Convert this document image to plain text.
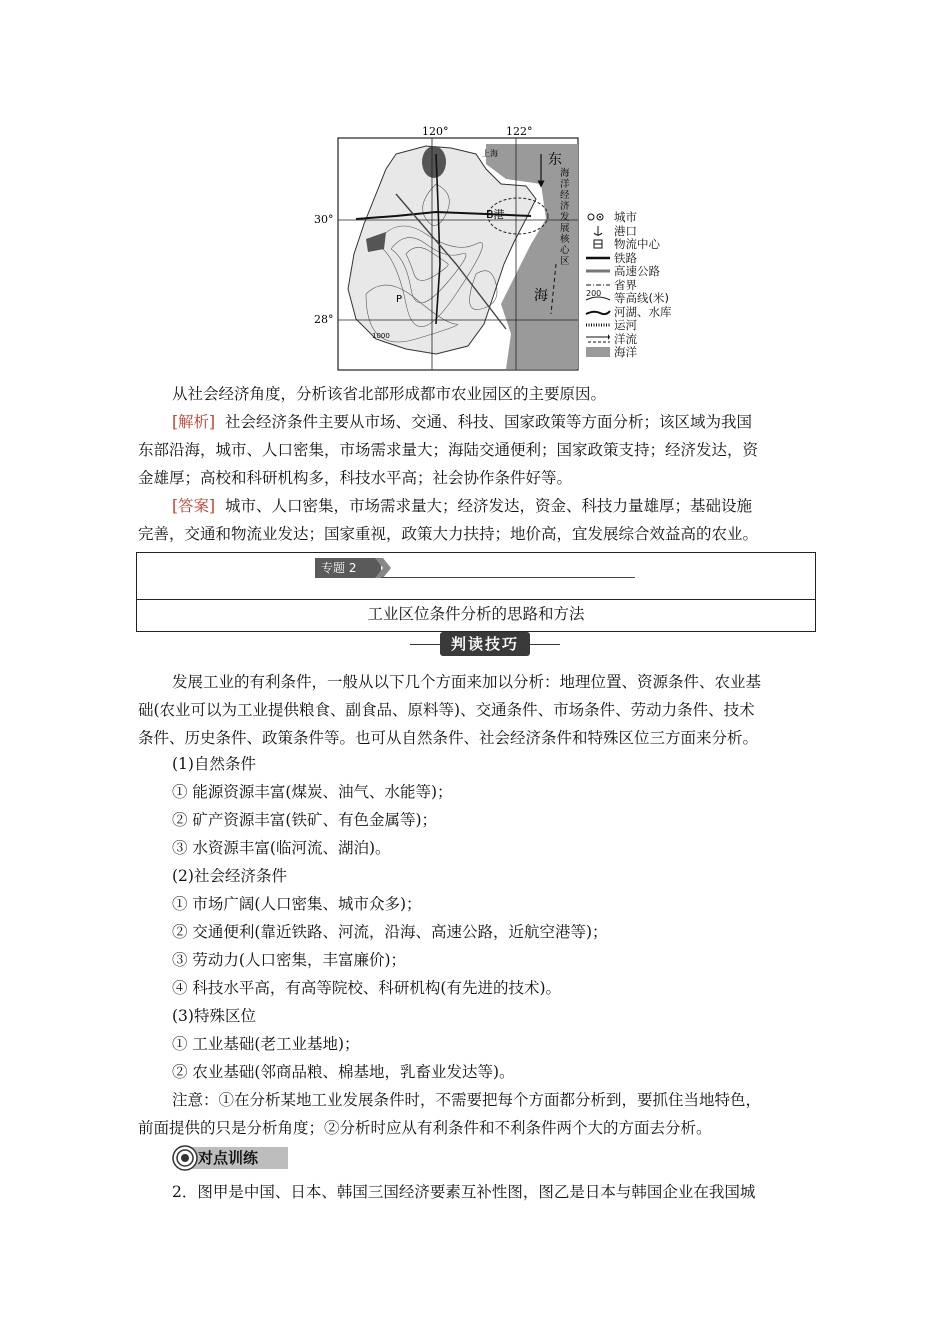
120°	122°
30°
28°
东
海
上海
B港
P
1000
海
洋
经
济
发
展
核
心
区
城市
港口
物流中心
铁路
高速公路
省界
200 等高线(米)
河湖、水库
运河
洋流
海洋
从社会经济角度，分析该省北部形成都市农业园区的主要原因。
[解析] 社会经济条件主要从市场、交通、科技、国家政策等方面分析；该区域为我国
东部沿海，城市、人口密集，市场需求量大；海陆交通便利；国家政策支持；经济发达，资
金雄厚；高校和科研机构多，科技水平高；社会协作条件好等。
[答案] 城市、人口密集，市场需求量大；经济发达，资金、科技力量雄厚；基础设施
完善，交通和物流业发达；国家重视，政策大力扶持；地价高，宜发展综合效益高的农业。
专题 2
工业区位条件分析的思路和方法
判读技巧
发展工业的有利条件，一般从以下几个方面来加以分析：地理位置、资源条件、农业基
础(农业可以为工业提供粮食、副食品、原料等)、交通条件、市场条件、劳动力条件、技术
条件、历史条件、政策条件等。也可从自然条件、社会经济条件和特殊区位三方面来分析。
(1)自然条件
① 能源资源丰富(煤炭、油气、水能等)；
② 矿产资源丰富(铁矿、有色金属等)；
③ 水资源丰富(临河流、湖泊)。
(2)社会经济条件
① 市场广阔(人口密集、城市众多)；
② 交通便利(靠近铁路、河流，沿海、高速公路，近航空港等)；
③ 劳动力(人口密集，丰富廉价)；
④ 科技水平高，有高等院校、科研机构(有先进的技术)。
(3)特殊区位
① 工业基础(老工业基地)；
② 农业基础(邻商品粮、棉基地，乳畜业发达等)。
注意：①在分析某地工业发展条件时，不需要把每个方面都分析到，要抓住当地特色，
前面提供的只是分析角度；②分析时应从有利条件和不利条件两个大的方面去分析。
对点训练
2．图甲是中国、日本、韩国三国经济要素互补性图，图乙是日本与韩国企业在我国城
